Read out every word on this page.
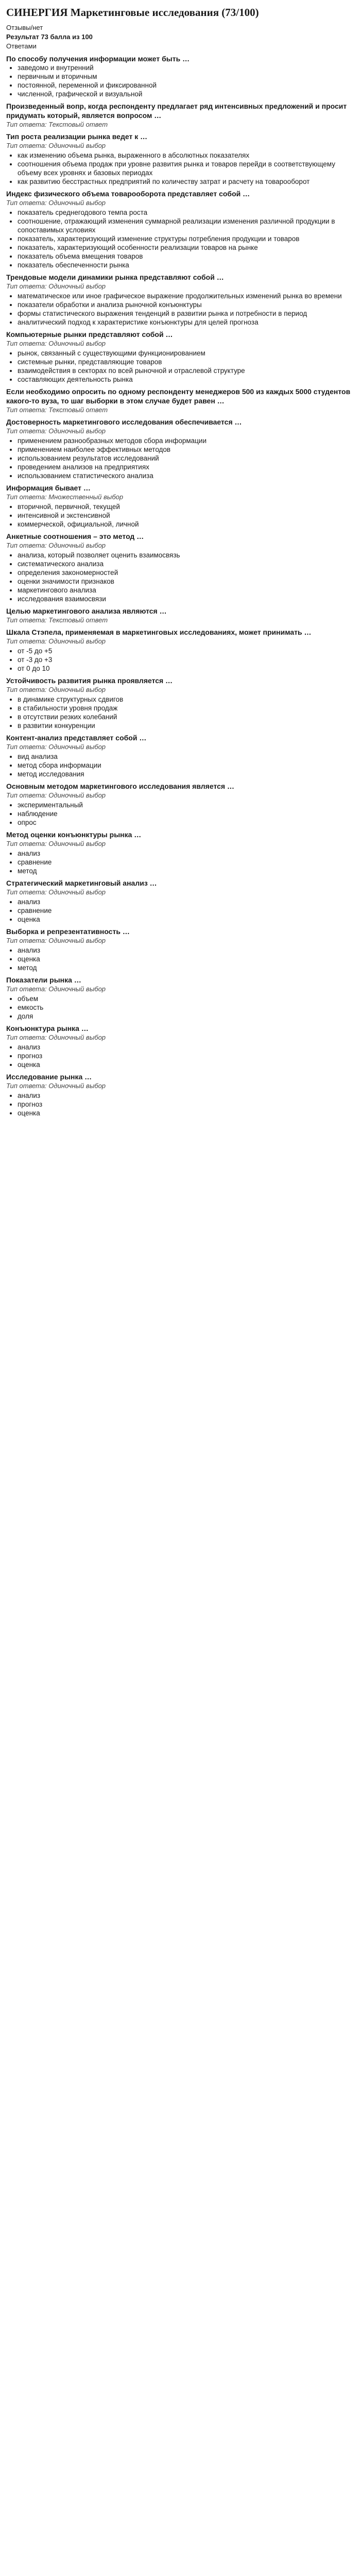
СИНЕРГИЯ Маркетинговые исследования (73/100)
Отзывы/нет
Результат 73 балла из 100
Ответами

По способу получения информации может быть …

• заведомо и внутренний
• первичным и вторичным
• постоянной, переменной и фиксированной
• численной, графической и визуальной

Произведенный вопр, когда респонденту предлагает ряд интенсивных предложений и просит придумать который, является вопросом …

Тип ответа: Текстовый ответ

Тип роста реализации рынка ведет к …

Тип ответа: Одиночный выбор
• как изменению объема рынка, выраженного в абсолютных показателях
• соотношения объема продаж при уровне развития рынка и товаров перейди в соответствующему объему всех уровнях и базовых периодах
• как развитию бесстрастных предприятий по количеству затрат и расчету на товарооборот

Индекс физического объема товарооборота представляет собой …

Тип ответа: Одиночный выбор
• показатель среднегодового темпа роста
• соотношение, отражающий изменения суммарной реализации изменения различной продукции в сопоставимых условиях
• показатель, характеризующий изменение структуры потребления продукции и товаров
• показатель, характеризующий особенности реализации товаров на рынке
• показатель объема вмещения товаров
• показатель обеспеченности рынка

Трендовые модели динамики рынка представляют собой …

Тип ответа: Одиночный выбор
• математическое или иное графическое выражение продолжительных изменений рынка во времени
• показатели обработки и анализа рыночной конъюнктуры
• формы статистического выражения тенденций в развитии рынка и потребности в период
• аналитический подход к характеристике конъюнктуры для целей прогноза

Компьютерные рынки представляют собой …

Тип ответа: Одиночный выбор
• рынок, связанный с существующими функционированием
• системные рынки, представляющие товаров
• взаимодействия в секторах по всей рыночной и отраслевой структуре
• составляющих деятельность рынка

Если необходимо опросить по одному респонденту менеджеров 500 из каждых 5000 студентов какого-то вуза, то шаг выборки в этом случае будет равен …

Тип ответа: Текстовый ответ

Достоверность маркетингового исследования обеспечивается …

Тип ответа: Одиночный выбор
• применением разнообразных методов сбора информации
• применением наиболее эффективных методов
• использованием результатов исследований
• проведением анализов на предприятиях
• использованием статистического анализа

Информация бывает …

Тип ответа: Множественный выбор
• вторичной, первичной, текущей
• интенсивной и экстенсивной
• коммерческой, официальной, личной

Анкетные соотношения – это метод …

Тип ответа: Одиночный выбор
• анализа, который позволяет оценить взаимосвязь
• систематического анализа
• определения закономерностей
• оценки значимости признаков
• маркетингового анализа
• исследования взаимосвязи

Целью маркетингового анализа являются …

Тип ответа: Текстовый ответ

Шкала Стэпела, применяемая в маркетинговых исследованиях, может принимать …

Тип ответа: Одиночный выбор
• от -5 до +5
• от -3 до +3
• от 0 до 10

Устойчивость развития рынка проявляется …

Тип ответа: Одиночный выбор
• в динамике структурных сдвигов
• в стабильности уровня продаж
• в отсутствии резких колебаний
• в развитии конкуренции

Контент-анализ представляет собой …

Тип ответа: Одиночный выбор
• вид анализа
• метод сбора информации
• метод исследования

Основным методом маркетингового исследования является …

Тип ответа: Одиночный выбор
• экспериментальный
• наблюдение
• опрос

Метод оценки конъюнктуры рынка …

Тип ответа: Одиночный выбор
• анализ
• сравнение
• метод

Стратегический маркетинговый анализ …

Тип ответа: Одиночный выбор
• анализ
• сравнение
• оценка

Выборка и репрезентативность …

Тип ответа: Одиночный выбор
• анализ
• оценка
• метод

Показатели рынка …

Тип ответа: Одиночный выбор
• объем
• емкость
• доля

Конъюнктура рынка …

Тип ответа: Одиночный выбор
• анализ
• прогноз
• оценка

Исследование рынка …

Тип ответа: Одиночный выбор
• анализ
• прогноз
• оценка
